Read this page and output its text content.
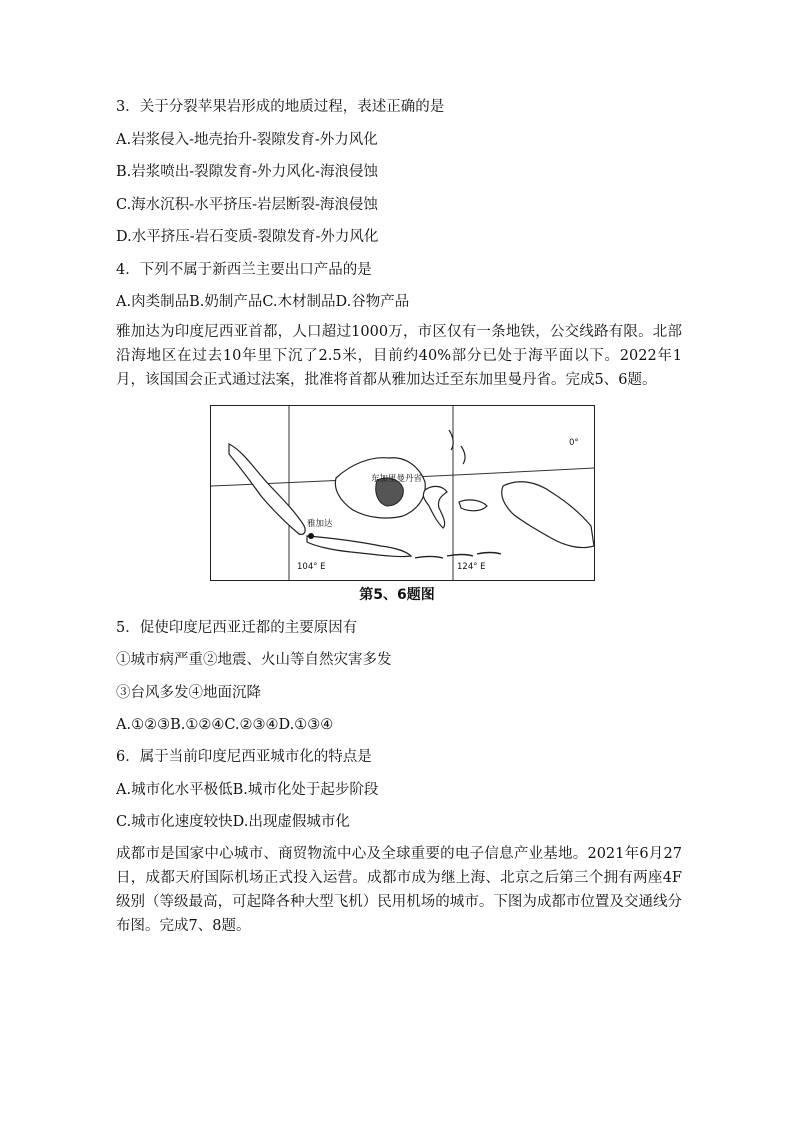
3．关于分裂苹果岩形成的地质过程，表述正确的是
A.岩浆侵入-地壳抬升-裂隙发育-外力风化
B.岩浆喷出-裂隙发育-外力风化-海浪侵蚀
C.海水沉积-水平挤压-岩层断裂-海浪侵蚀
D.水平挤压-岩石变质-裂隙发育-外力风化
4．下列不属于新西兰主要出口产品的是
A.肉类制品B.奶制产品C.木材制品D.谷物产品
雅加达为印度尼西亚首都，人口超过1000万，市区仅有一条地铁，公交线路有限。北部沿海地区在过去10年里下沉了2.5米，目前约40%部分已处于海平面以下。2022年1月，该国国会正式通过法案，批准将首都从雅加达迁至东加里曼丹省。完成5、6题。
东加里曼丹省
雅加达
0°
104° E	124° E
第5、6题图
5．促使印度尼西亚迁都的主要原因有
①城市病严重②地震、火山等自然灾害多发
③台风多发④地面沉降
A.①②③B.①②④C.②③④D.①③④
6．属于当前印度尼西亚城市化的特点是
A.城市化水平极低B.城市化处于起步阶段
C.城市化速度较快D.出现虚假城市化
成都市是国家中心城市、商贸物流中心及全球重要的电子信息产业基地。2021年6月27日，成都天府国际机场正式投入运营。成都市成为继上海、北京之后第三个拥有两座4F级别（等级最高，可起降各种大型飞机）民用机场的城市。下图为成都市位置及交通线分布图。完成7、8题。
